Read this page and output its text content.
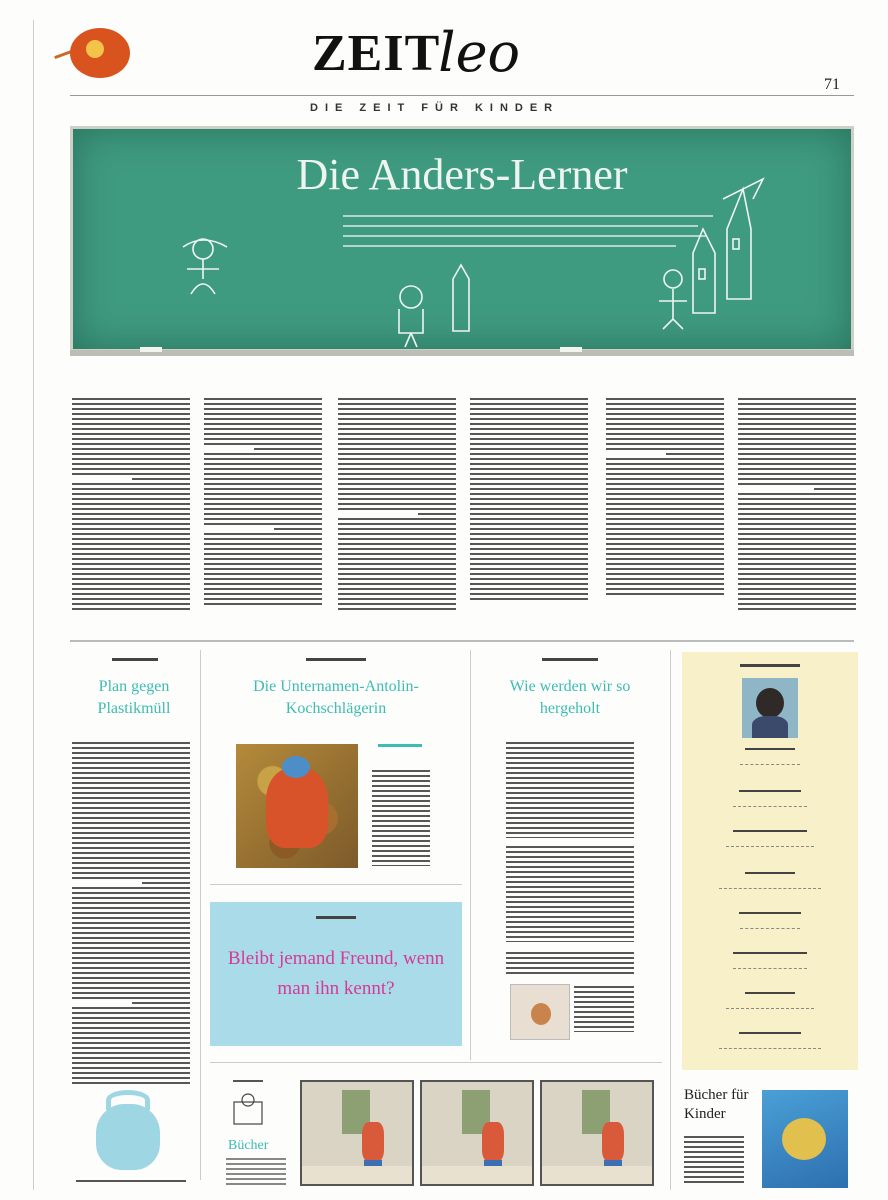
ZEIT
leo
DIE ZEIT FÜR KINDER
71
Die Anders-Lerner
Plan gegen Plastikmüll
Die Unternamen-Antolin-Kochschlägerin
Bleibt jemand Freund, wenn man ihn kennt?
Wie werden wir so hergeholt
Bücher
Bücher für Kinder
